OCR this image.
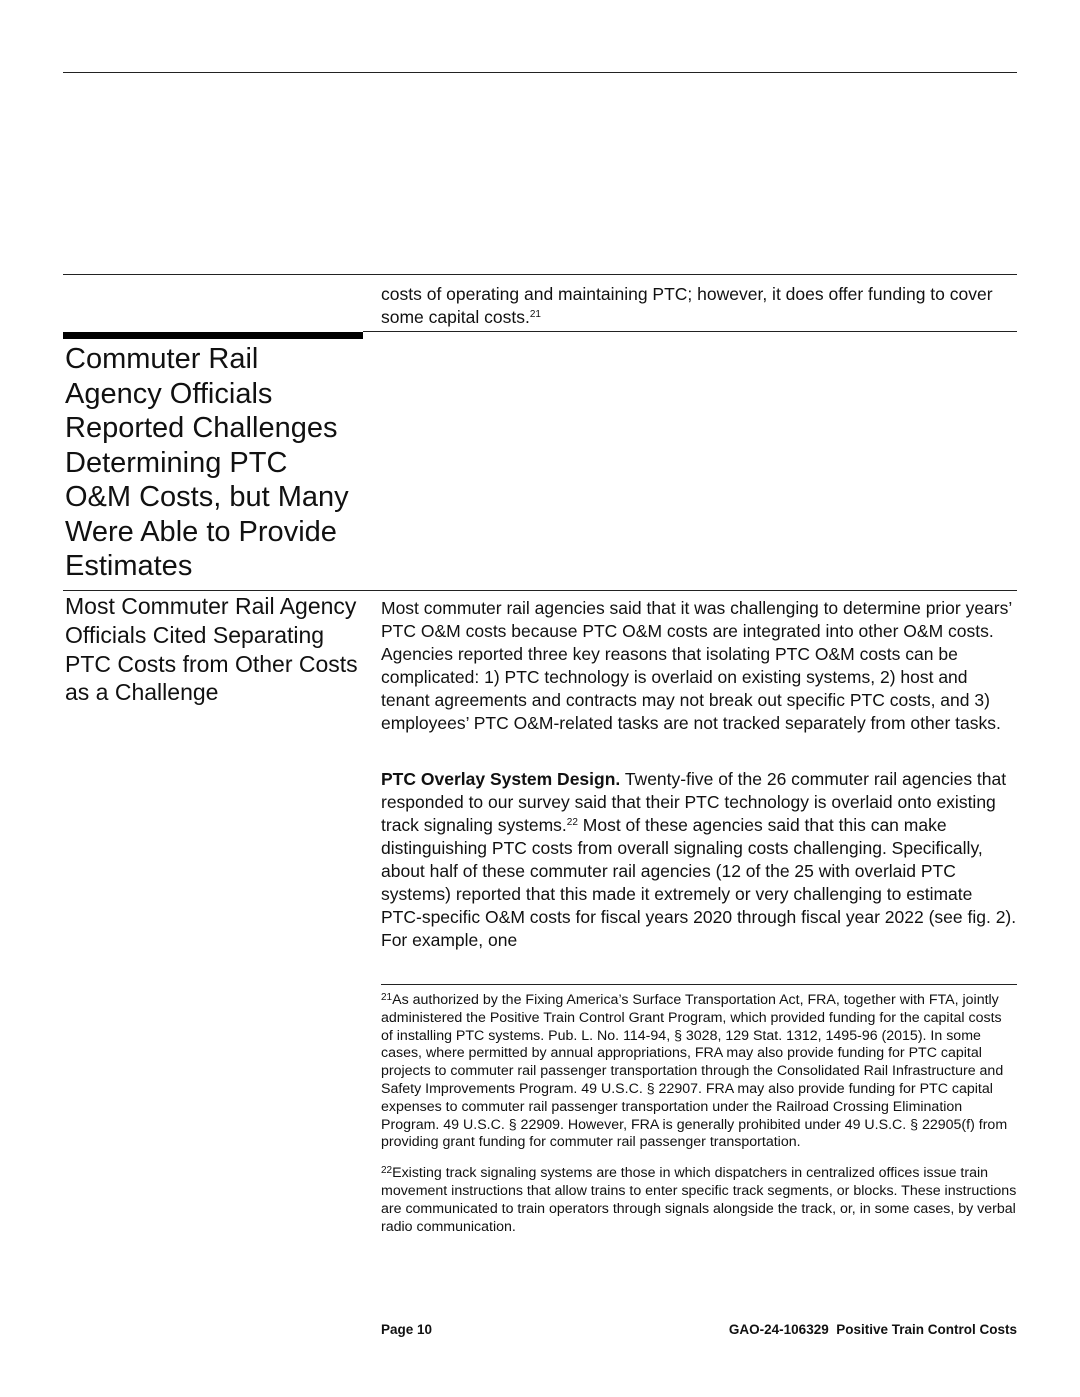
costs of operating and maintaining PTC; however, it does offer funding to cover some capital costs.$^{21}$

Commuter Rail Agency Officials Reported Challenges Determining PTC O&M Costs, but Many Were Able to Provide Estimates
Most Commuter Rail Agency Officials Cited Separating PTC Costs from Other Costs as a Challenge

Most commuter rail agencies said that it was challenging to determine prior years’ PTC O&M costs because PTC O&M costs are integrated into other O&M costs. Agencies reported three key reasons that isolating PTC O&M costs can be complicated: 1) PTC technology is overlaid on existing systems, 2) host and tenant agreements and contracts may not break out specific PTC costs, and 3) employees’ PTC O&M-related tasks are not tracked separately from other tasks.

PTC Overlay System Design. Twenty-five of the 26 commuter rail agencies that responded to our survey said that their PTC technology is overlaid onto existing track signaling systems.$^{22}$ Most of these agencies said that this can make distinguishing PTC costs from overall signaling costs challenging. Specifically, about half of these commuter rail agencies (12 of the 25 with overlaid PTC systems) reported that this made it extremely or very challenging to estimate PTC-specific O&M costs for fiscal years 2020 through fiscal year 2022 (see fig. 2). For example, one

$^{21}$As authorized by the Fixing America’s Surface Transportation Act, FRA, together with FTA, jointly administered the Positive Train Control Grant Program, which provided funding for the capital costs of installing PTC systems. Pub. L. No. 114-94, § 3028, 129 Stat. 1312, 1495-96 (2015). In some cases, where permitted by annual appropriations, FRA may also provide funding for PTC capital projects to commuter rail passenger transportation through the Consolidated Rail Infrastructure and Safety Improvements Program. 49 U.S.C. § 22907. FRA may also provide funding for PTC capital expenses to commuter rail passenger transportation under the Railroad Crossing Elimination Program. 49 U.S.C. § 22909. However, FRA is generally prohibited under 49 U.S.C. § 22905(f) from providing grant funding for commuter rail passenger transportation.

$^{22}$Existing track signaling systems are those in which dispatchers in centralized offices issue train movement instructions that allow trains to enter specific track segments, or blocks. These instructions are communicated to train operators through signals alongside the track, or, in some cases, by verbal radio communication.

Page 10	GAO-24-106329  Positive Train Control Costs
